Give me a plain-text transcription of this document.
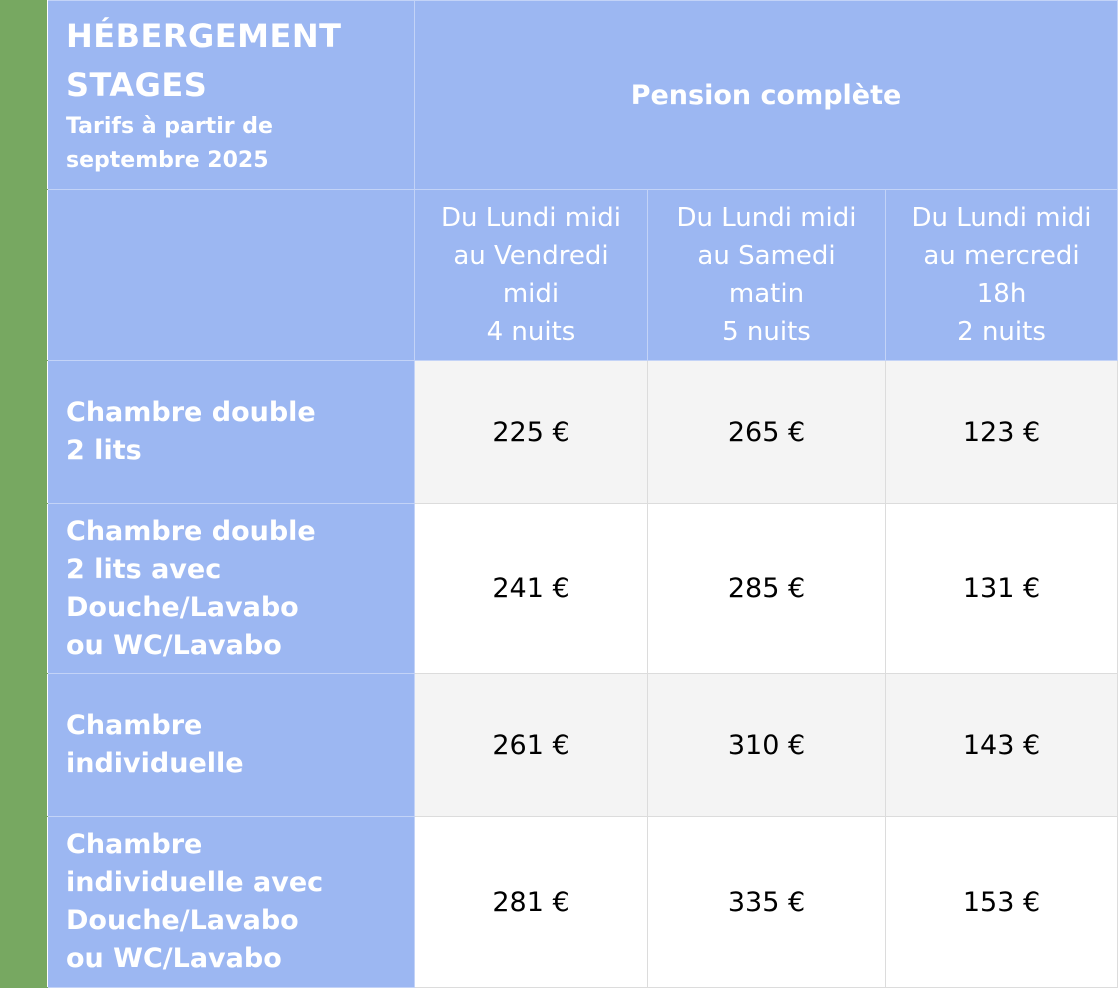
	HÉBERGEMENT
STAGES
Tarifs à partir de
septembre 2025	Pension complète		

		Du Lundi midi
au Vendredi
midi
4 nuits	Du Lundi midi
au Samedi
matin
5 nuits	Du Lundi midi
au mercredi
18h
2 nuits

	Chambre double
2 lits	225 €	265 €	123 €

	Chambre double
2 lits avec
Douche/Lavabo
ou WC/Lavabo	241 €	285 €	131 €

	Chambre
individuelle	261 €	310 €	143 €

	Chambre
individuelle avec
Douche/Lavabo
ou WC/Lavabo	281 €	335 €	153 €
